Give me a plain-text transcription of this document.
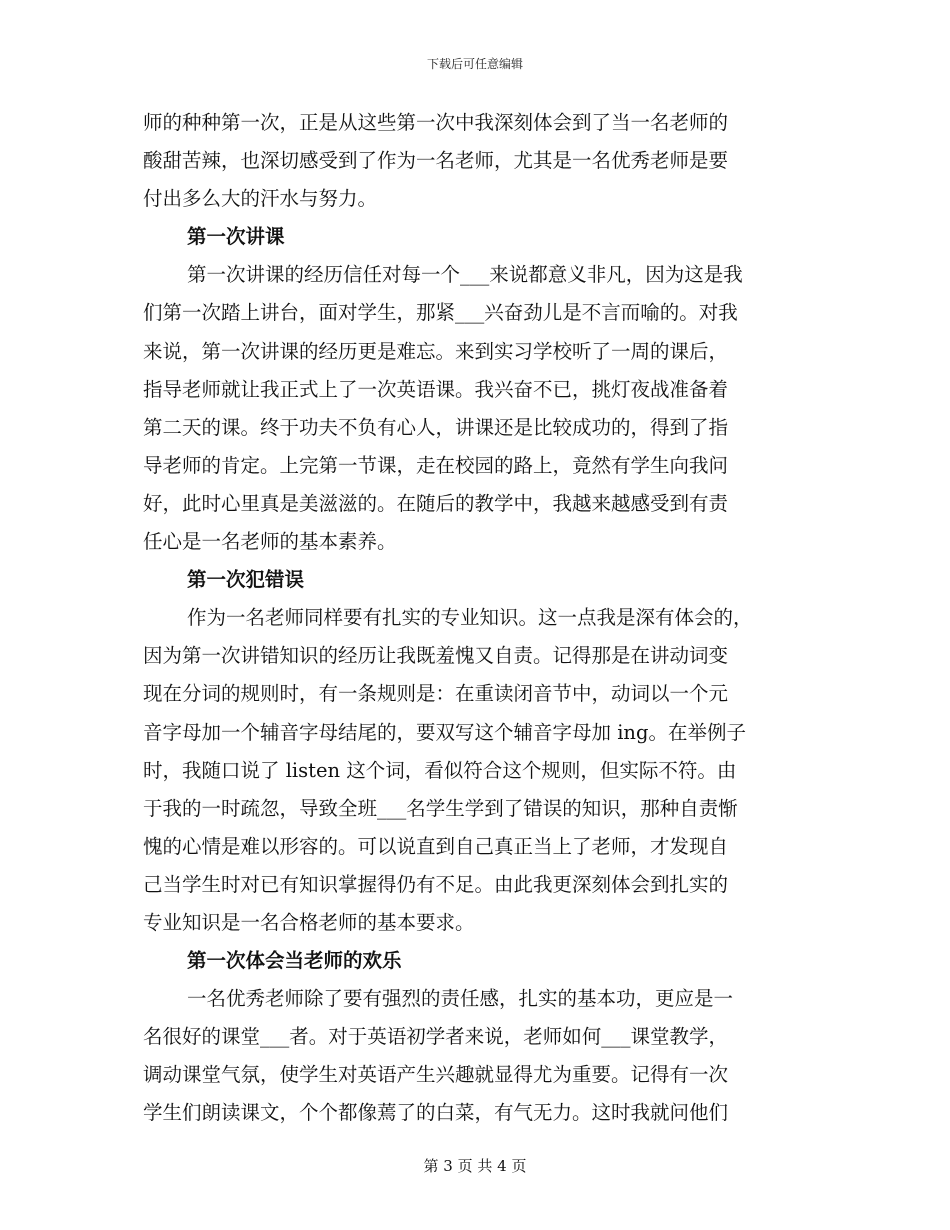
下载后可任意编辑
师的种种第一次，正是从这些第一次中我深刻体会到了当一名老师的
酸甜苦辣，也深切感受到了作为一名老师，尤其是一名优秀老师是要
付出多么大的汗水与努力。
第一次讲课
第一次讲课的经历信任对每一个___来说都意义非凡，因为这是我
们第一次踏上讲台，面对学生，那紧___兴奋劲儿是不言而喻的。对我
来说，第一次讲课的经历更是难忘。来到实习学校听了一周的课后，
指导老师就让我正式上了一次英语课。我兴奋不已，挑灯夜战准备着
第二天的课。终于功夫不负有心人，讲课还是比较成功的，得到了指
导老师的肯定。上完第一节课，走在校园的路上，竟然有学生向我问
好，此时心里真是美滋滋的。在随后的教学中，我越来越感受到有责
任心是一名老师的基本素养。
第一次犯错误
作为一名老师同样要有扎实的专业知识。这一点我是深有体会的，
因为第一次讲错知识的经历让我既羞愧又自责。记得那是在讲动词变
现在分词的规则时，有一条规则是：在重读闭音节中，动词以一个元
音字母加一个辅音字母结尾的，要双写这个辅音字母加 ing。在举例子
时，我随口说了 listen 这个词，看似符合这个规则，但实际不符。由
于我的一时疏忽，导致全班___名学生学到了错误的知识，那种自责惭
愧的心情是难以形容的。可以说直到自己真正当上了老师，才发现自
己当学生时对已有知识掌握得仍有不足。由此我更深刻体会到扎实的
专业知识是一名合格老师的基本要求。
第一次体会当老师的欢乐
一名优秀老师除了要有强烈的责任感，扎实的基本功，更应是一
名很好的课堂___者。对于英语初学者来说，老师如何___课堂教学，
调动课堂气氛，使学生对英语产生兴趣就显得尤为重要。记得有一次
学生们朗读课文，个个都像蔫了的白菜，有气无力。这时我就问他们
第 3 页 共 4 页
